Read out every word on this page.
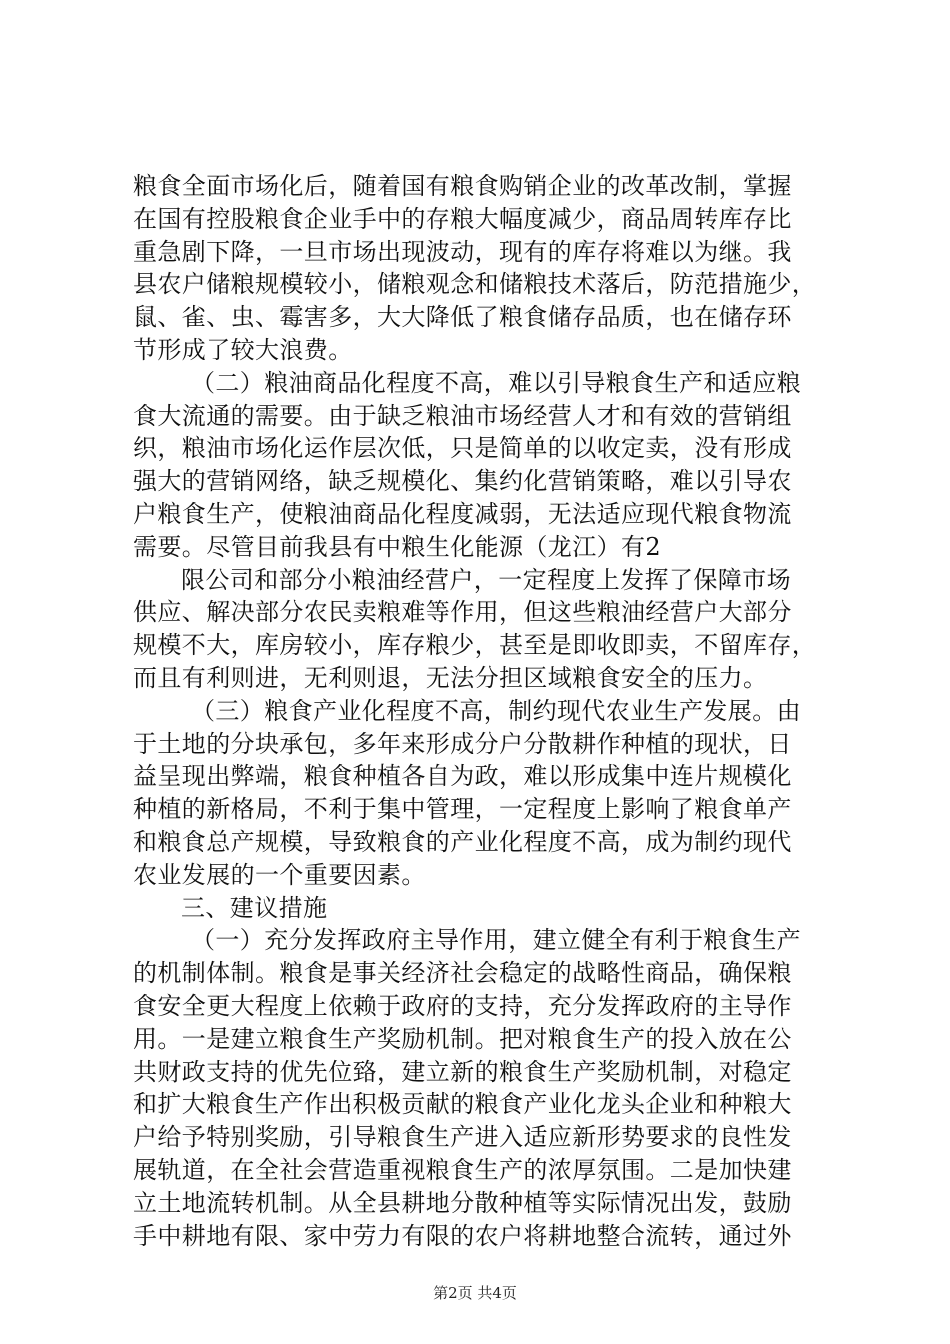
粮食全面市场化后，随着国有粮食购销企业的改革改制，掌握
在国有控股粮食企业手中的存粮大幅度减少，商品周转库存比
重急剧下降，一旦市场出现波动，现有的库存将难以为继。我
县农户储粮规模较小，储粮观念和储粮技术落后，防范措施少，
鼠、雀、虫、霉害多，大大降低了粮食储存品质，也在储存环
节形成了较大浪费。
（二）粮油商品化程度不高，难以引导粮食生产和适应粮
食大流通的需要。由于缺乏粮油市场经营人才和有效的营销组
织，粮油市场化运作层次低，只是简单的以收定卖，没有形成
强大的营销网络，缺乏规模化、集约化营销策略，难以引导农
户粮食生产，使粮油商品化程度减弱，无法适应现代粮食物流
需要。尽管目前我县有中粮生化能源（龙江）有2
限公司和部分小粮油经营户，一定程度上发挥了保障市场
供应、解决部分农民卖粮难等作用，但这些粮油经营户大部分
规模不大，库房较小，库存粮少，甚至是即收即卖，不留库存，
而且有利则进，无利则退，无法分担区域粮食安全的压力。
（三）粮食产业化程度不高，制约现代农业生产发展。由
于土地的分块承包，多年来形成分户分散耕作种植的现状，日
益呈现出弊端，粮食种植各自为政，难以形成集中连片规模化
种植的新格局，不利于集中管理，一定程度上影响了粮食单产
和粮食总产规模，导致粮食的产业化程度不高，成为制约现代
农业发展的一个重要因素。
三、建议措施
（一）充分发挥政府主导作用，建立健全有利于粮食生产
的机制体制。粮食是事关经济社会稳定的战略性商品，确保粮
食安全更大程度上依赖于政府的支持，充分发挥政府的主导作
用。一是建立粮食生产奖励机制。把对粮食生产的投入放在公
共财政支持的优先位臵，建立新的粮食生产奖励机制，对稳定
和扩大粮食生产作出积极贡献的粮食产业化龙头企业和种粮大
户给予特别奖励，引导粮食生产进入适应新形势要求的良性发
展轨道，在全社会营造重视粮食生产的浓厚氛围。二是加快建
立土地流转机制。从全县耕地分散种植等实际情况出发，鼓励
手中耕地有限、家中劳力有限的农户将耕地整合流转，通过外
第2页 共4页
